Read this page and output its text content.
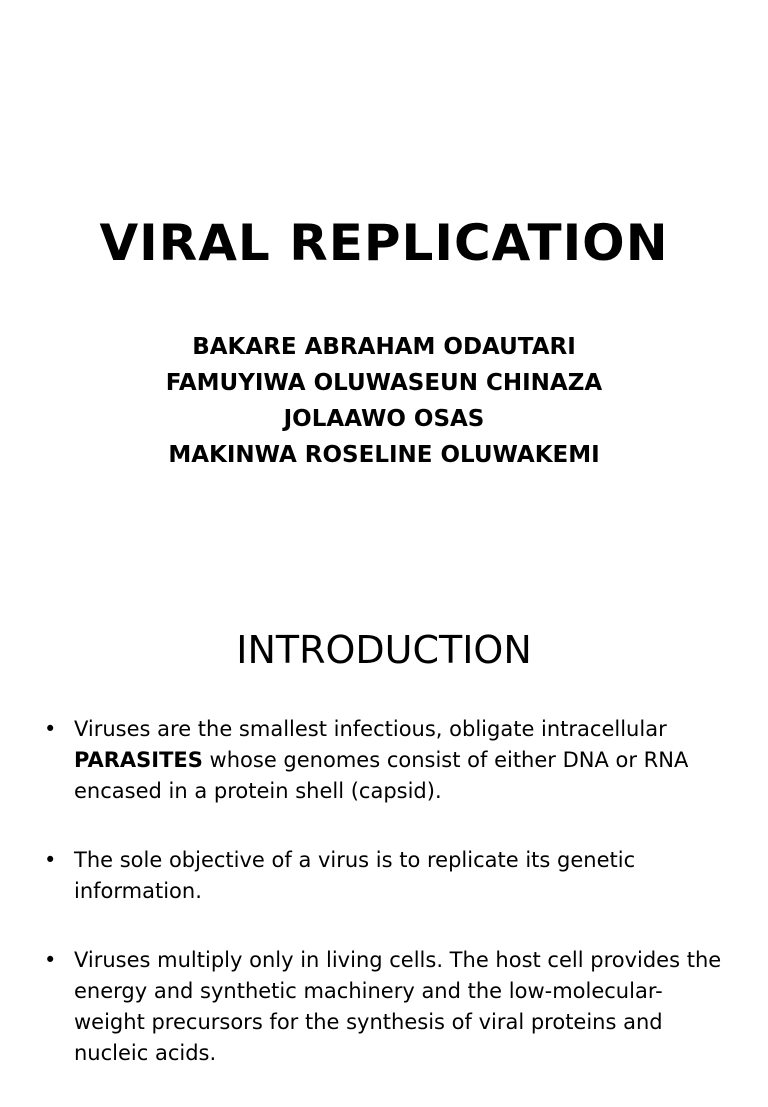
VIRAL REPLICATION
BAKARE ABRAHAM ODAUTARI
FAMUYIWA OLUWASEUN CHINAZA
JOLAAWO OSAS
MAKINWA ROSELINE OLUWAKEMI
INTRODUCTION
• Viruses are the smallest infectious, obligate intracellular PARASITES whose genomes consist of either DNA or RNA encased in a protein shell (capsid).
• The sole objective of a virus is to replicate its genetic information.
• Viruses multiply only in living cells. The host cell provides the energy and synthetic machinery and the low-molecular-weight precursors for the synthesis of viral proteins and nucleic acids.
